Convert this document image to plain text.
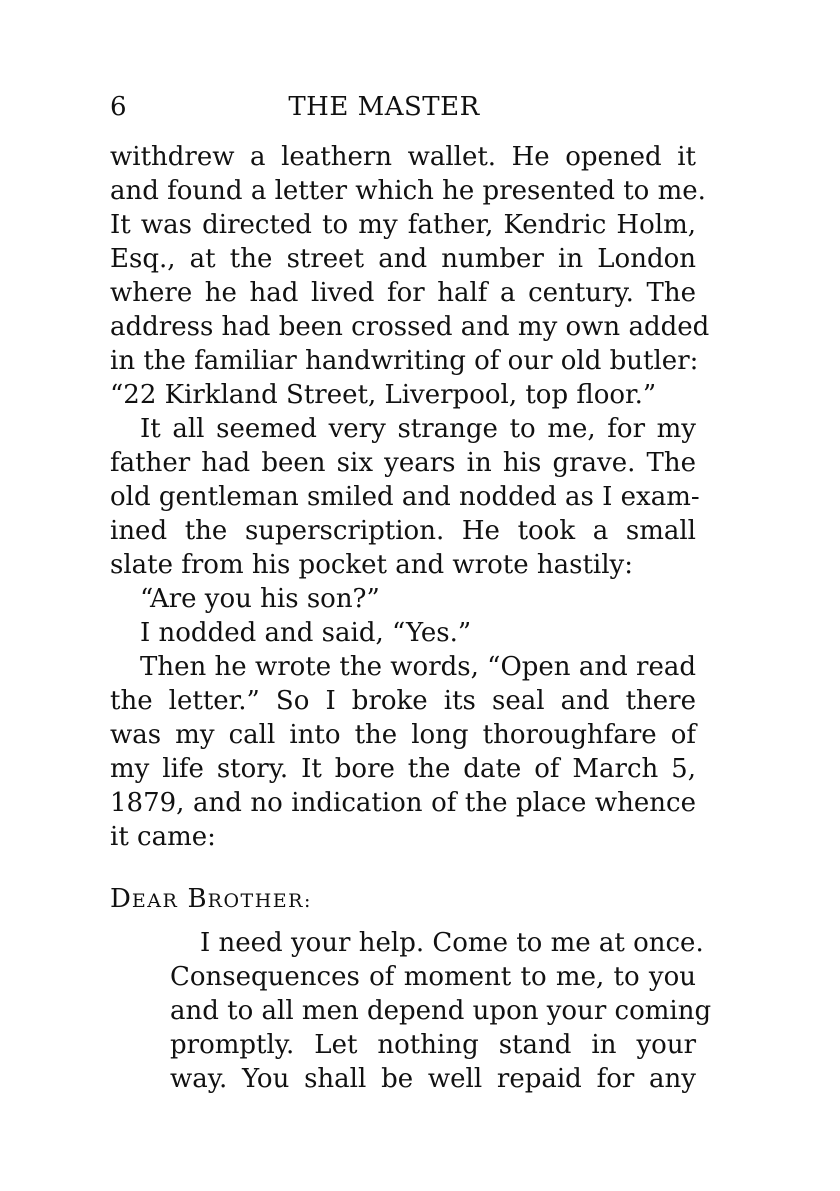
6	THE MASTER
withdrew a leathern wallet. He opened it
and found a letter which he presented to me.
It was directed to my father, Kendric Holm,
Esq., at the street and number in London
where he had lived for half a century. The
address had been crossed and my own added
in the familiar handwriting of our old butler:
“22 Kirkland Street, Liverpool, top floor.”
It all seemed very strange to me, for my
father had been six years in his grave. The
old gentleman smiled and nodded as I exam-
ined the superscription. He took a small
slate from his pocket and wrote hastily:
“Are you his son?”
I nodded and said, “Yes.”
Then he wrote the words, “Open and read
the letter.” So I broke its seal and there
was my call into the long thoroughfare of
my life story. It bore the date of March 5,
1879, and no indication of the place whence
it came:
DEAR BROTHER:
I need your help. Come to me at once.
Consequences of moment to me, to you
and to all men depend upon your coming
promptly. Let nothing stand in your
way. You shall be well repaid for any
